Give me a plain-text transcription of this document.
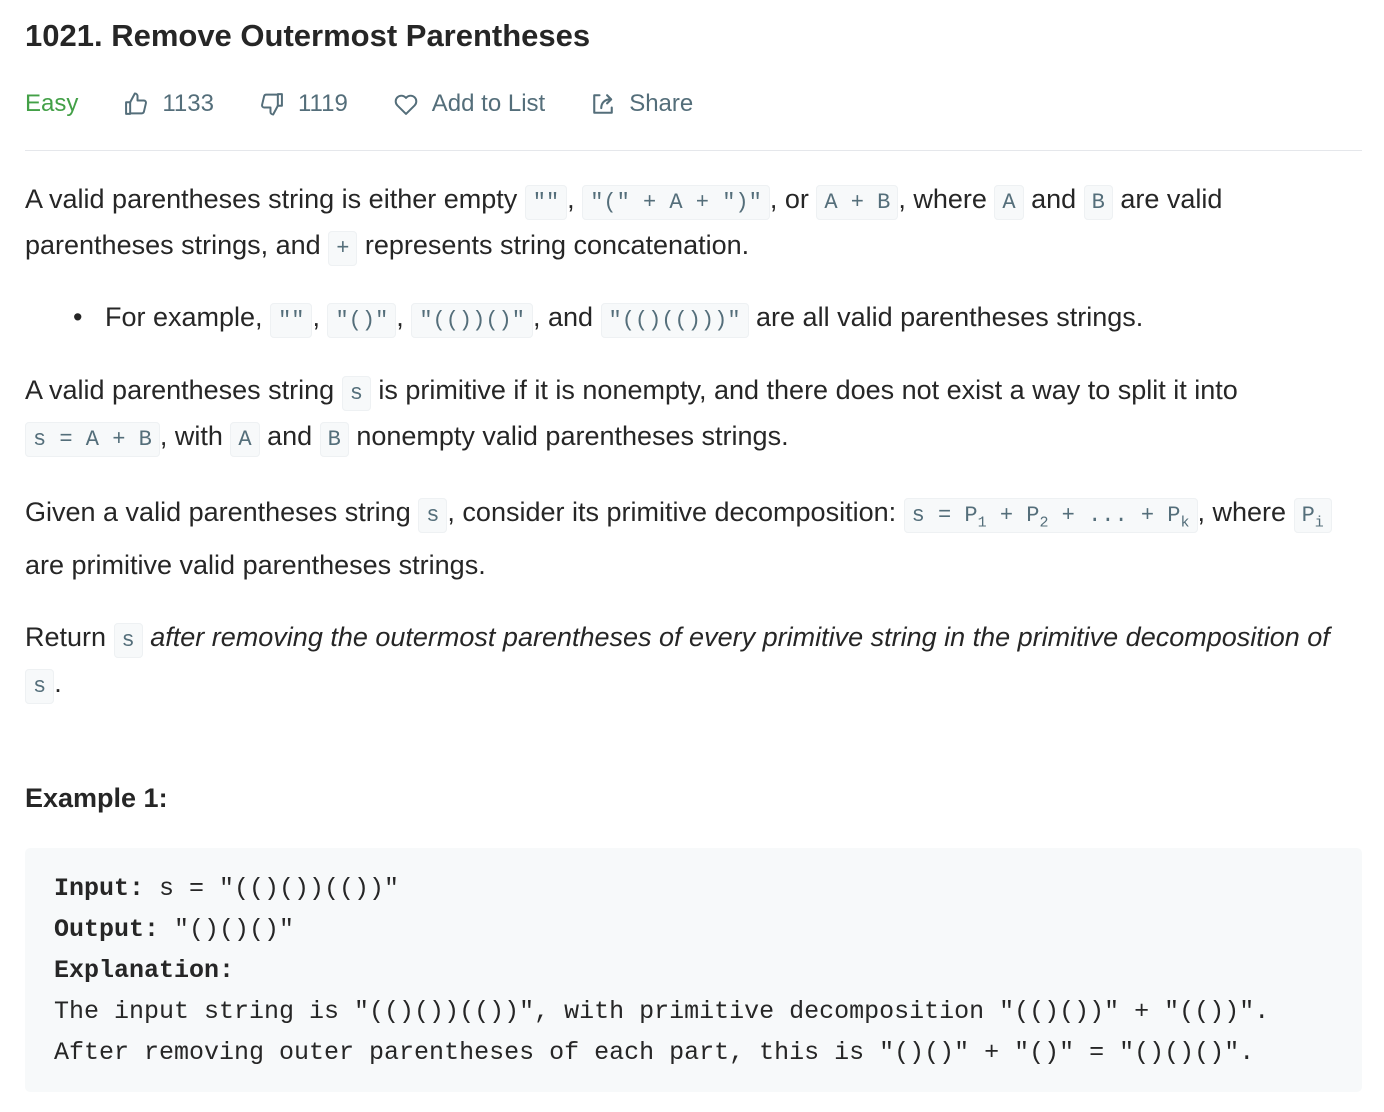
1021. Remove Outermost Parentheses
Easy	1133	1119	Add to List	Share

A valid parentheses string is either empty "" , "(" + A + ")" , or A + B , where A and B are valid parentheses strings, and + represents string concatenation.

• For example, "" , "()" , "(())()" , and "(()(()))" are all valid parentheses strings.

A valid parentheses string s is primitive if it is nonempty, and there does not exist a way to split it into s = A + B , with A and B nonempty valid parentheses strings.

Given a valid parentheses string s , consider its primitive decomposition: $s = P_1 + P_2$ + ... + $P_k$ , where $P_i$ are primitive valid parentheses strings.

Return s after removing the outermost parentheses of every primitive string in the primitive decomposition of s .

Example 1:
Input: s = "(()())(())"
Output: "()()()"
Explanation:
The input string is "(()())(())", with primitive decomposition "(()())" + "(())".
After removing outer parentheses of each part, this is "()()" + "()" = "()()()".
